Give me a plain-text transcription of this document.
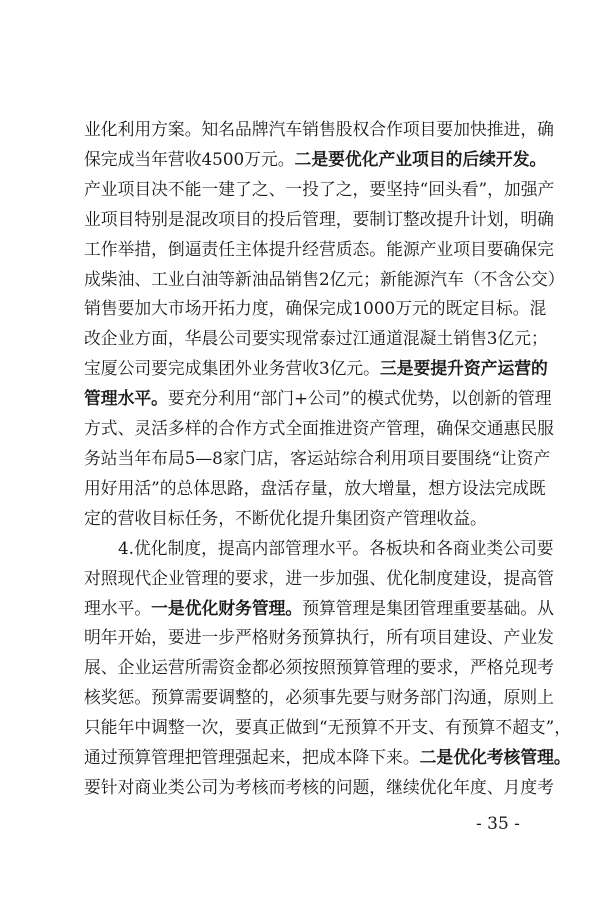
业化利用方案。知名品牌汽车销售股权合作项目要加快推进，确
保完成当年营收4500万元。二是要优化产业项目的后续开发。
产业项目决不能一建了之、一投了之，要坚持“回头看”，加强产
业项目特别是混改项目的投后管理，要制订整改提升计划，明确
工作举措，倒逼责任主体提升经营质态。能源产业项目要确保完
成柴油、工业白油等新油品销售2亿元；新能源汽车（不含公交）
销售要加大市场开拓力度，确保完成1000万元的既定目标。混
改企业方面，华晨公司要实现常泰过江通道混凝土销售3亿元；
宝厦公司要完成集团外业务营收3亿元。三是要提升资产运营的
管理水平。要充分利用“部门+公司”的模式优势，以创新的管理
方式、灵活多样的合作方式全面推进资产管理，确保交通惠民服
务站当年布局5—8家门店，客运站综合利用项目要围绕“让资产
用好用活”的总体思路，盘活存量，放大增量，想方设法完成既
定的营收目标任务，不断优化提升集团资产管理收益。
4.优化制度，提高内部管理水平。各板块和各商业类公司要
对照现代企业管理的要求，进一步加强、优化制度建设，提高管
理水平。一是优化财务管理。预算管理是集团管理重要基础。从
明年开始，要进一步严格财务预算执行，所有项目建设、产业发
展、企业运营所需资金都必须按照预算管理的要求，严格兑现考
核奖惩。预算需要调整的，必须事先要与财务部门沟通，原则上
只能年中调整一次，要真正做到“无预算不开支、有预算不超支”，
通过预算管理把管理强起来，把成本降下来。二是优化考核管理。
要针对商业类公司为考核而考核的问题，继续优化年度、月度考
- 35 -
